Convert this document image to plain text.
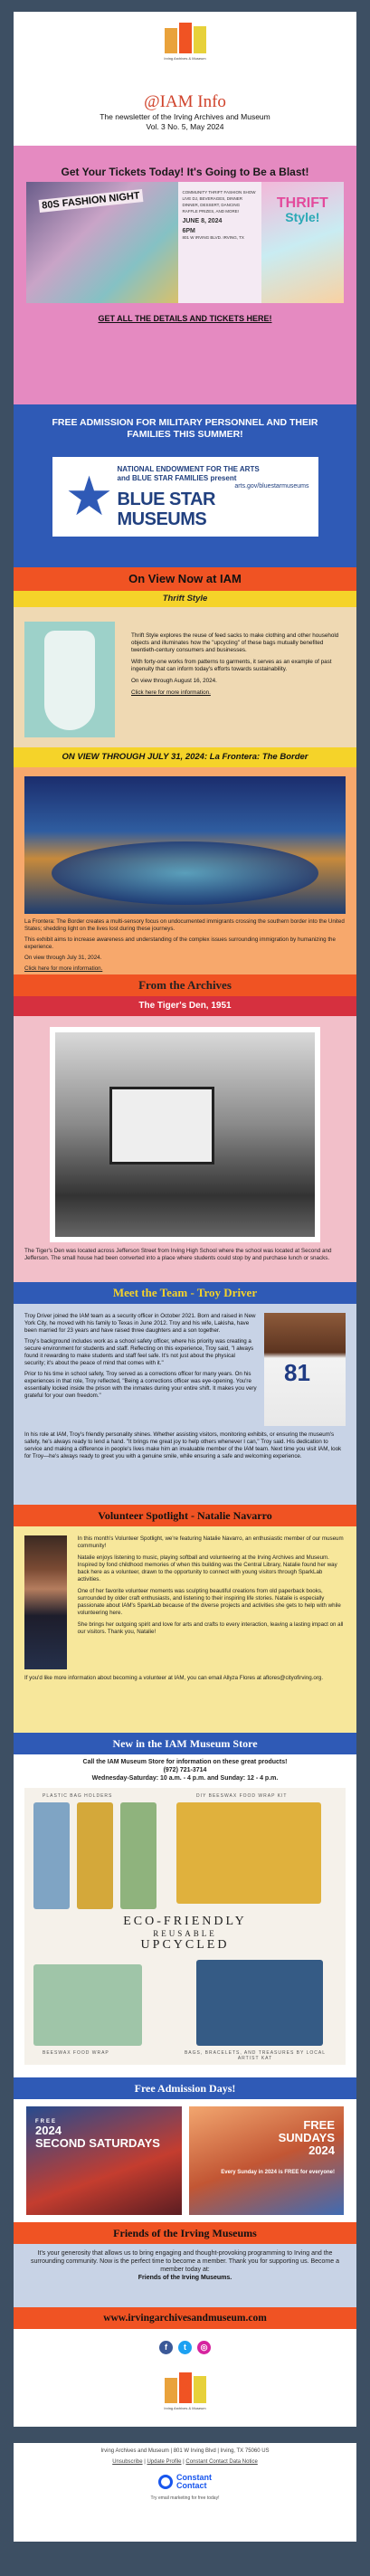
Irving Archives & Museum
@IAM Info

The newsletter of the Irving Archives and Museum

Vol. 3 No. 5, May 2024

Get Your Tickets Today! It's Going to Be a Blast!
80S FASHION NIGHT	COMMUNITY THRIFT FASHION SHOW
LIVE DJ, BEVERAGES, DINNER
DINNER, DESSERT, DANCING
RAFFLE PRIZES, AND MORE!
JUNE 8, 2024
6PM
801 W IRVING BLVD. IRVING, TX
THRIFT
Style!
GET ALL THE DETAILS AND TICKETS HERE!
FREE ADMISSION FOR MILITARY PERSONNEL AND THEIR FAMILIES THIS SUMMER!
★ NATIONAL ENDOWMENT FOR THE ARTS
and BLUE STAR FAMILIES present
arts.gov/bluestarmuseums
BLUE STAR MUSEUMS
On View Now at IAM
Thrift Style

Thrift Style explores the reuse of feed sacks to make clothing and other household objects and illuminates how the "upcycling" of these bags mutually benefited twentieth-century consumers and businesses.

With forty-one works from patterns to garments, it serves as an example of past ingenuity that can inform today's efforts towards sustainability.

On view through August 16, 2024.

Click here for more information.

ON VIEW THROUGH JULY 31, 2024: La Frontera: The Border

La Frontera: The Border creates a multi-sensory focus on undocumented immigrants crossing the southern border into the United States; shedding light on the lives lost during these journeys.

This exhibit aims to increase awareness and understanding of the complex issues surrounding immigration by humanizing the experience.

On view through July 31, 2024.

Click here for more information.

From the Archives
The Tiger's Den, 1951

The Tiger's Den was located across Jefferson Street from Irving High School where the school was located at Second and Jefferson. The small house had been converted into a place where students could stop by and purchase lunch or snacks.

Meet the Team - Troy Driver

Troy Driver joined the IAM team as a security officer in October 2021. Born and raised in New York City, he moved with his family to Texas in June 2012. Troy and his wife, Lakisha, have been married for 23 years and have raised three daughters and a son together.

Troy's background includes work as a school safety officer, where his priority was creating a secure environment for students and staff. Reflecting on this experience, Troy said, "I always found it rewarding to make students and staff feel safe. It's not just about the physical security; it's about the peace of mind that comes with it."

Prior to his time in school safety, Troy served as a corrections officer for many years. On his experiences in that role, Troy reflected, "Being a corrections officer was eye-opening. You're essentially locked inside the prison with the inmates during your entire shift. It makes you very grateful for your own freedom."

81

In his role at IAM, Troy's friendly personality shines. Whether assisting visitors, monitoring exhibits, or ensuring the museum's safety, he's always ready to lend a hand. "It brings me great joy to help others whenever I can," Troy said. His dedication to service and making a difference in people's lives make him an invaluable member of the IAM team. Next time you visit IAM, look for Troy—he's always ready to greet you with a genuine smile, while ensuring a safe and welcoming experience.

Volunteer Spotlight - Natalie Navarro

In this month's Volunteer Spotlight, we're featuring Natalie Navarro, an enthusiastic member of our museum community!

Natalie enjoys listening to music, playing softball and volunteering at the Irving Archives and Museum. Inspired by fond childhood memories of when this building was the Central Library, Natalie found her way back here as a volunteer, drawn to the opportunity to connect with young visitors through SparkLab activities.

One of her favorite volunteer moments was sculpting beautiful creations from old paperback books, surrounded by older craft enthusiasts, and listening to their inspiring life stories. Natalie is especially passionate about IAM's SparkLab because of the diverse projects and activities she gets to help with while volunteering here.

She brings her outgoing spirit and love for arts and crafts to every interaction, leaving a lasting impact on all our visitors. Thank you, Natalie!

If you'd like more information about becoming a volunteer at IAM, you can email Allyza Flores at aflores@cityofirving.org.

New in the IAM Museum Store
Call the IAM Museum Store for information on these great products!
(972) 721-3714
Wednesday-Saturday: 10 a.m. - 4 p.m. and Sunday: 12 - 4 p.m.
PLASTIC BAG HOLDERS	DIY BEESWAX FOOD WRAP KIT
ECO-FRIENDLY
REUSABLE
UPCYCLED
BEESWAX FOOD WRAP	BAGS, BRACELETS, AND TREASURES BY LOCAL ARTIST KAT
Free Admission Days!
FREE
2024
SECOND SATURDAYS
FREE
SUNDAYS
2024
Every Sunday in 2024 is FREE for everyone!
Friends of the Irving Museums
It's your generosity that allows us to bring engaging and thought-provoking programming to Irving and the surrounding community. Now is the perfect time to become a member. Thank you for supporting us. Become a member today at:
Friends of the Irving Museums.
www.irvingarchivesandmuseum.com
f	t	◎
Irving Archives & Museum
Irving Archives and Museum | 801 W Irving Blvd | Irving, TX 75060 US
Unsubscribe | Update Profile | Constant Contact Data Notice
Constant
Contact
Try email marketing for free today!
